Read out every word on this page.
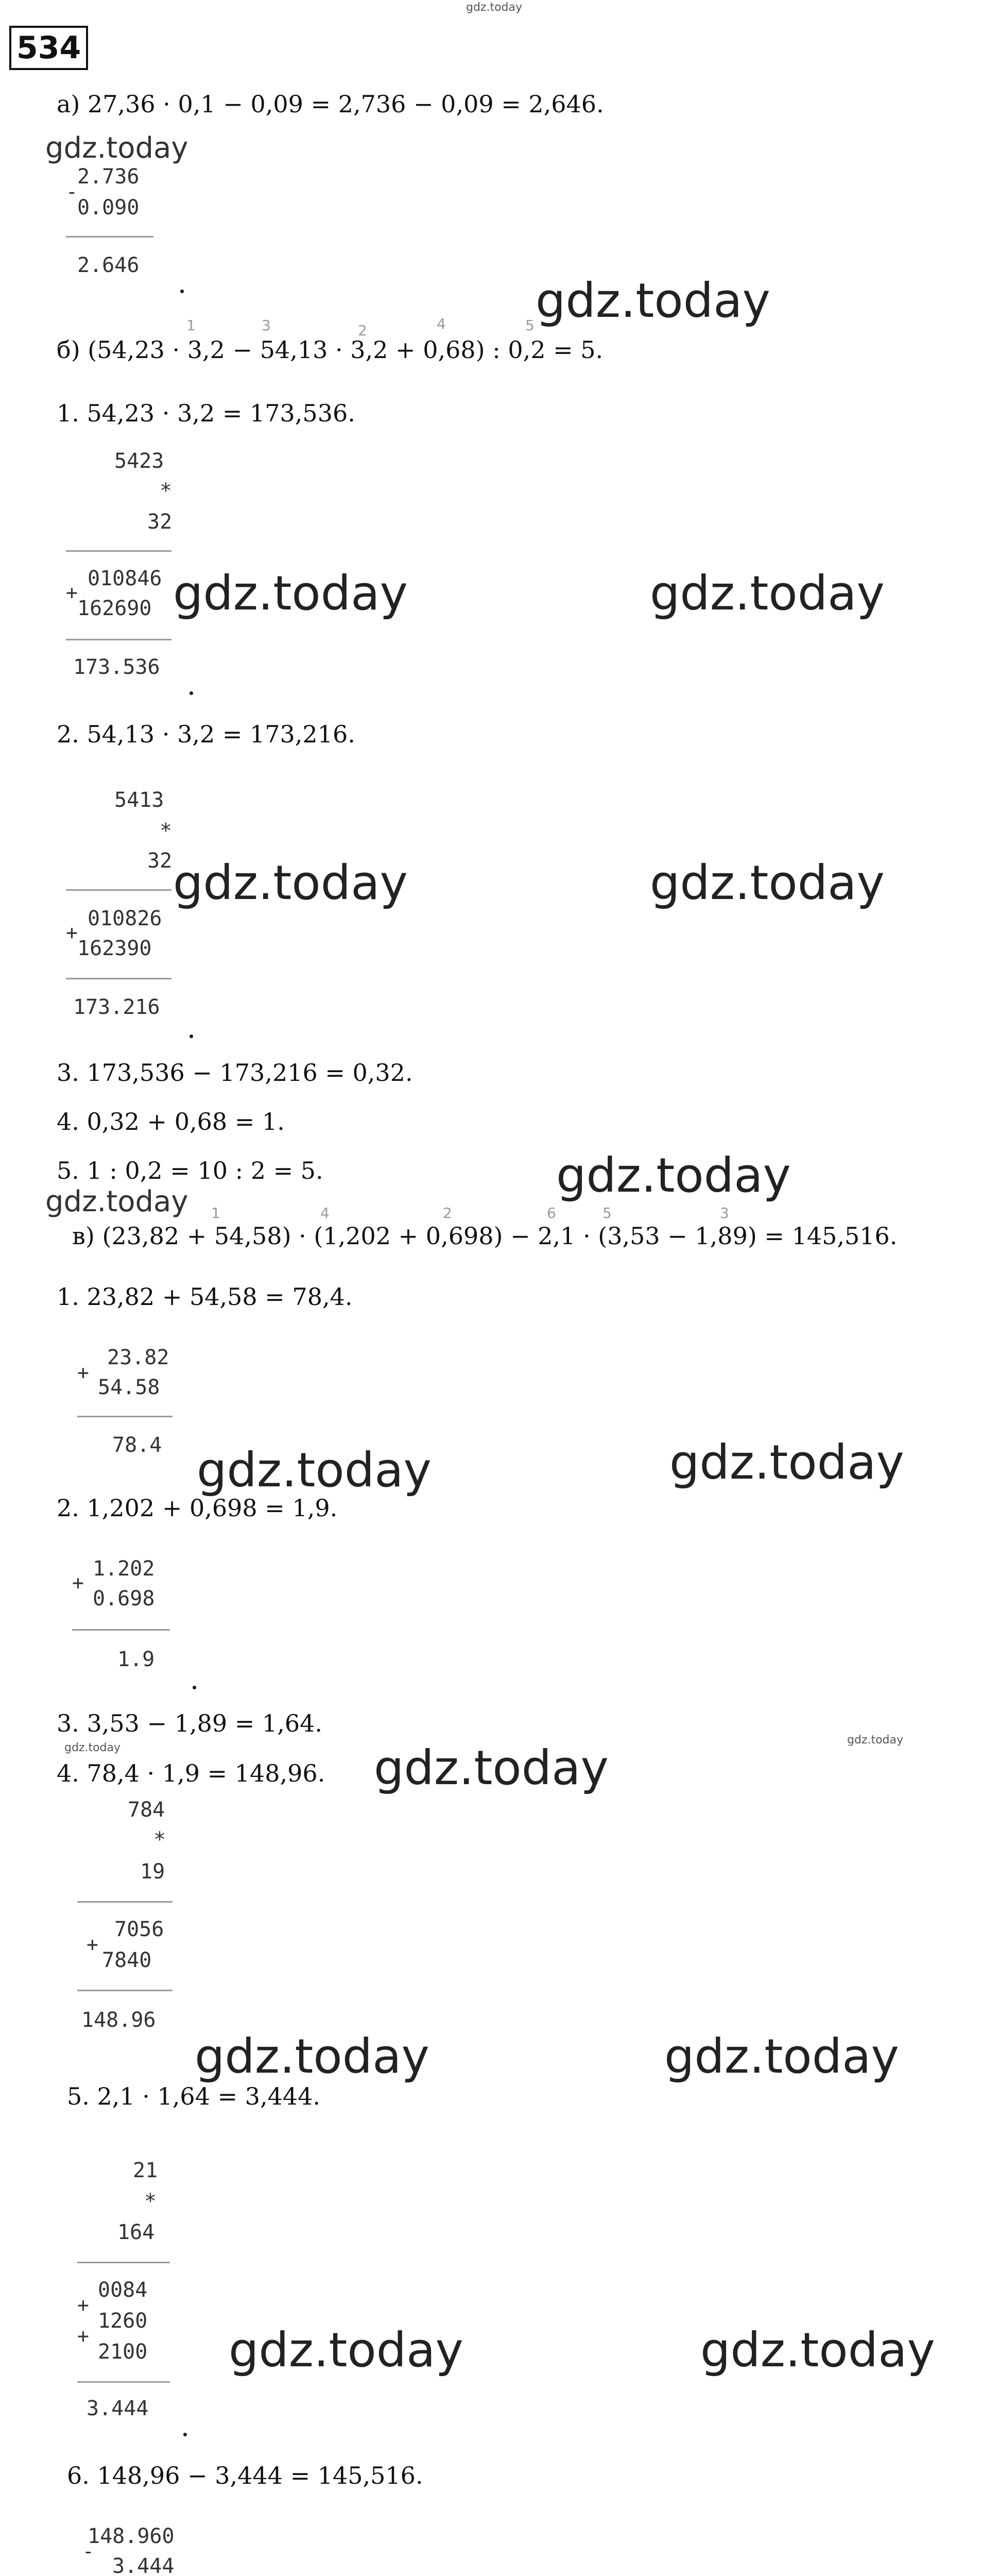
gdz.today
534
а) 27,36 · 0,1 − 0,09 = 2,736 − 0,09 = 2,646.
gdz.today
2.736
-
0.090
2.646
gdz.today
1	3	2	4	5
б) (54,23 · 3,2 − 54,13 · 3,2 + 0,68) : 0,2 = 5.
1. 54,23 · 3,2 = 173,536.
5423
*
32
010846
+
162690
173.536
gdz.today	gdz.today
2. 54,13 · 3,2 = 173,216.
5413
*
32
010826
+
162390
173.216
gdz.today	gdz.today
3. 173,536 − 173,216 = 0,32.
4. 0,32 + 0,68 = 1.
5. 1 : 0,2 = 10 : 2 = 5.	gdz.today
gdz.today 1	4	2	6	5	3
в) (23,82 + 54,58) · (1,202 + 0,698) − 2,1 · (3,53 − 1,89) = 145,516.
1. 23,82 + 54,58 = 78,4.
23.82
+
54.58
78.4 gdz.today	gdz.today
2. 1,202 + 0,698 = 1,9.
1.202
+
0.698
1.9
3. 3,53 − 1,89 = 1,64.
gdz.today
gdz.today
4. 78,4 · 1,9 = 148,96. gdz.today
784
*
19
7056
+
7840
148.96
gdz.today	gdz.today
5. 2,1 · 1,64 = 3,444.
21
*
164
0084
+
1260
+
2100
3.444
gdz.today	gdz.today
6. 148,96 − 3,444 = 145,516.
148.960
-
3.444
